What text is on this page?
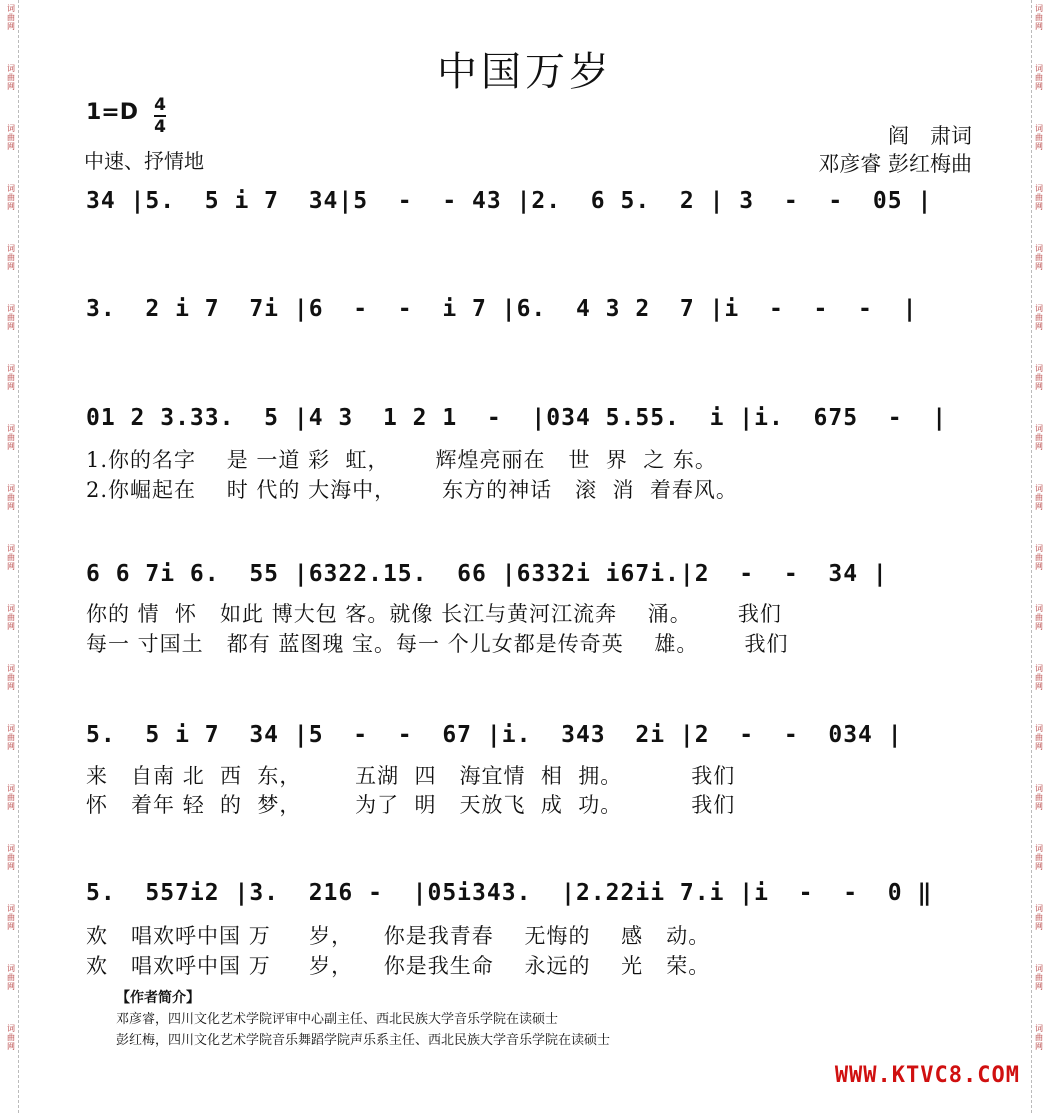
词
曲
网
词
曲
网
词
曲
网
词
曲
网
词
曲
网
词
曲
网
词
曲
网
词
曲
网
词
曲
网
词
曲
网
词
曲
网
词
曲
网
词
曲
网
词
曲
网
词
曲
网
词
曲
网
词
曲
网
词
曲
网
词
曲
网
词
曲
网
词
曲
网
词
曲
网
词
曲
网
词
曲
网
词
曲
网
词
曲
网
词
曲
网
词
曲
网
词
曲
网
词
曲
网
词
曲
网
词
曲
网
词
曲
网
词
曲
网
词
曲
网
词
曲
网
中国万岁
1=D 4
4
中速、抒情地
阎　肃词
邓彦睿 彭红梅曲
34 |5.  5 i 7  34|5  -  - 43 |2.  6 5.  2 | 3  -  -  05 |
3.  2 i 7  7i |6  -  -  i 7 |6.  4 3 2  7 |i  -  -  -  |
01 2 3.33.  5 |4 3  1 2 1  -  |034 5.55.  i |i.  675  -  |
1.你的名字    是 一道 彩  虹，      辉煌亮丽在   世  界  之 东。
2.你崛起在    时 代的 大海中，      东方的神话   滚  消  着春风。
6 6 7i 6.  55 |6322.15.  66 |6332i i67i.|2  -  -  34 |
你的 情  怀   如此 博大包 客。就像 长江与黄河江流奔    涌。      我们
每一 寸国土   都有 蓝图瑰 宝。每一 个儿女都是传奇英    雄。      我们
5.  5 i 7  34 |5  -  -  67 |i.  343  2i |2  -  -  034 |
来   自南 北  西  东，       五湖  四   海宜情  相  拥。         我们
怀   着年 轻  的  梦，       为了  明   天放飞  成  功。         我们
5.  557i2 |3.  216 -  |05i343.  |2.22ii 7.i |i  -  -  0 ‖
欢   唱欢呼中国 万     岁，    你是我青春    无悔的    感   动。
欢   唱欢呼中国 万     岁，    你是我生命    永远的    光   荣。
【作者简介】
邓彦睿，四川文化艺术学院评审中心副主任、西北民族大学音乐学院在读硕士
彭红梅，四川文化艺术学院音乐舞蹈学院声乐系主任、西北民族大学音乐学院在读硕士
WWW.KTVC8.COM
